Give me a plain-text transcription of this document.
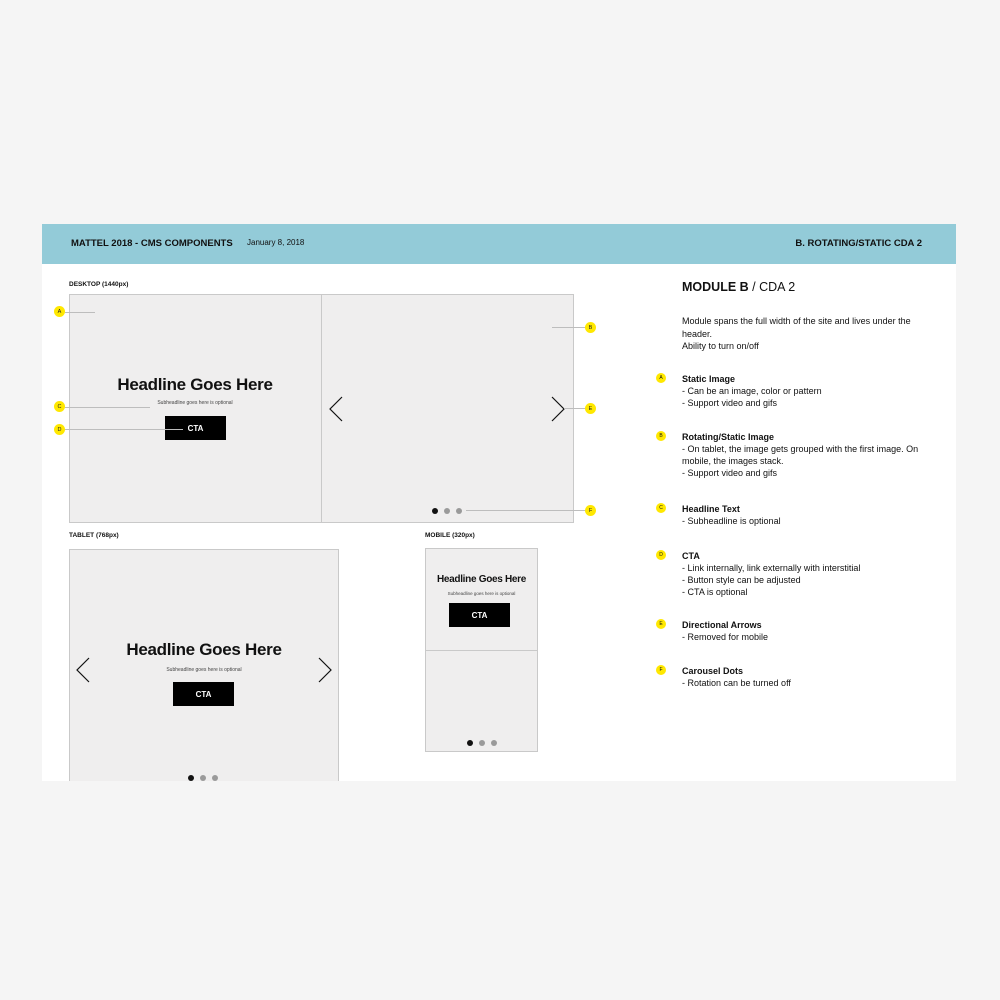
MATTEL 2018 - CMS COMPONENTS January 8, 2018	B. ROTATING/STATIC CDA 2
DESKTOP (1440px)
Headline Goes Here
Subheadline goes here is optional
CTA
A
B
C
D
E
F
TABLET (768px)
Headline Goes Here
Subheadline goes here is optional
CTA
MOBILE (320px)
Headline Goes Here
Subheadline goes here is optional
CTA
MODULE B / CDA 2
Module spans the full width of the site and lives under the header.
Ability to turn on/off
A	Static Image
- Can be an image, color or pattern
- Support video and gifs
B	Rotating/Static Image
- On tablet, the image gets grouped with the first image. On mobile, the images stack.
- Support video and gifs
C	Headline Text
- Subheadline is optional
D	CTA
- Link internally, link externally with interstitial
- Button style can be adjusted
- CTA is optional
E	Directional Arrows
- Removed for mobile
F	Carousel Dots
- Rotation can be turned off
